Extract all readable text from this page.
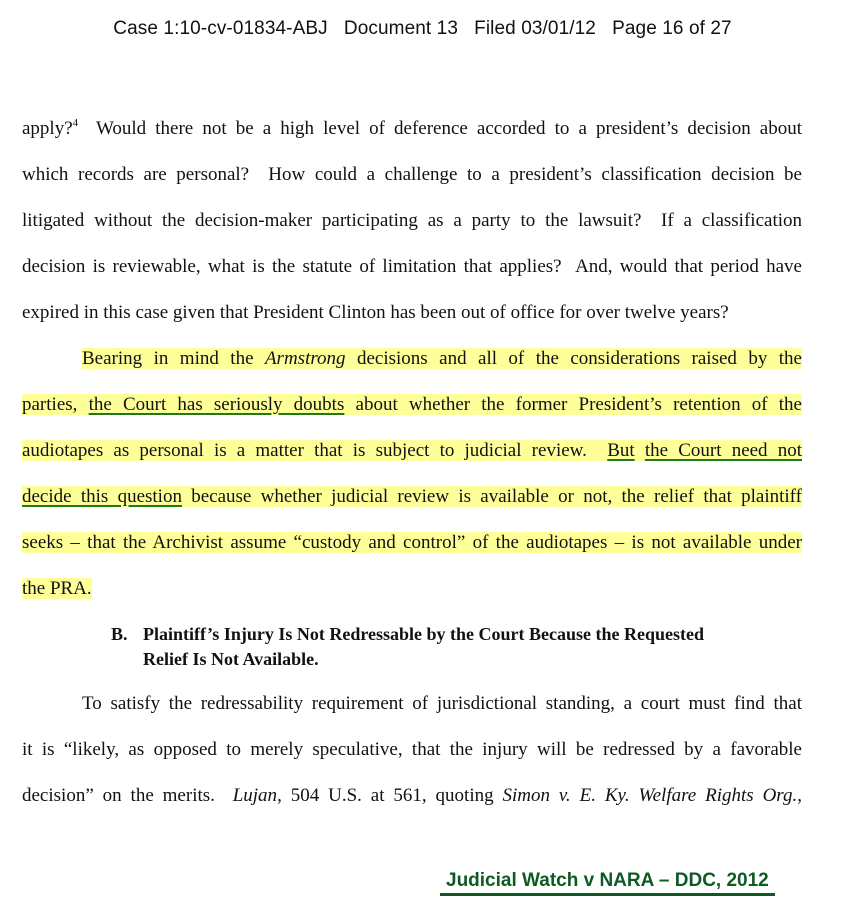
Case 1:10-cv-01834-ABJ   Document 13   Filed 03/01/12   Page 16 of 27
apply?$^4$  Would there not be a high level of deference accorded to a president’s decision about
which records are personal?  How could a challenge to a president’s classification decision be
litigated without the decision-maker participating as a party to the lawsuit?  If a classification
decision is reviewable, what is the statute of limitation that applies?  And, would that period have
expired in this case given that President Clinton has been out of office for over twelve years?
Bearing in mind the Armstrong decisions and all of the considerations raised by the
parties, the Court has seriously doubts about whether the former President’s retention of the
audiotapes as personal is a matter that is subject to judicial review.  But the Court need not
decide this question because whether judicial review is available or not, the relief that plaintiff
seeks – that the Archivist assume “custody and control” of the audiotapes – is not available under
the PRA.
B. Plaintiff’s Injury Is Not Redressable by the Court Because the Requested
Relief Is Not Available.
To satisfy the redressability requirement of jurisdictional standing, a court must find that
it is “likely, as opposed to merely speculative, that the injury will be redressed by a favorable
decision” on the merits.  Lujan, 504 U.S. at 561, quoting Simon v. E. Ky. Welfare Rights Org.,
Judicial Watch v NARA – DDC, 2012
